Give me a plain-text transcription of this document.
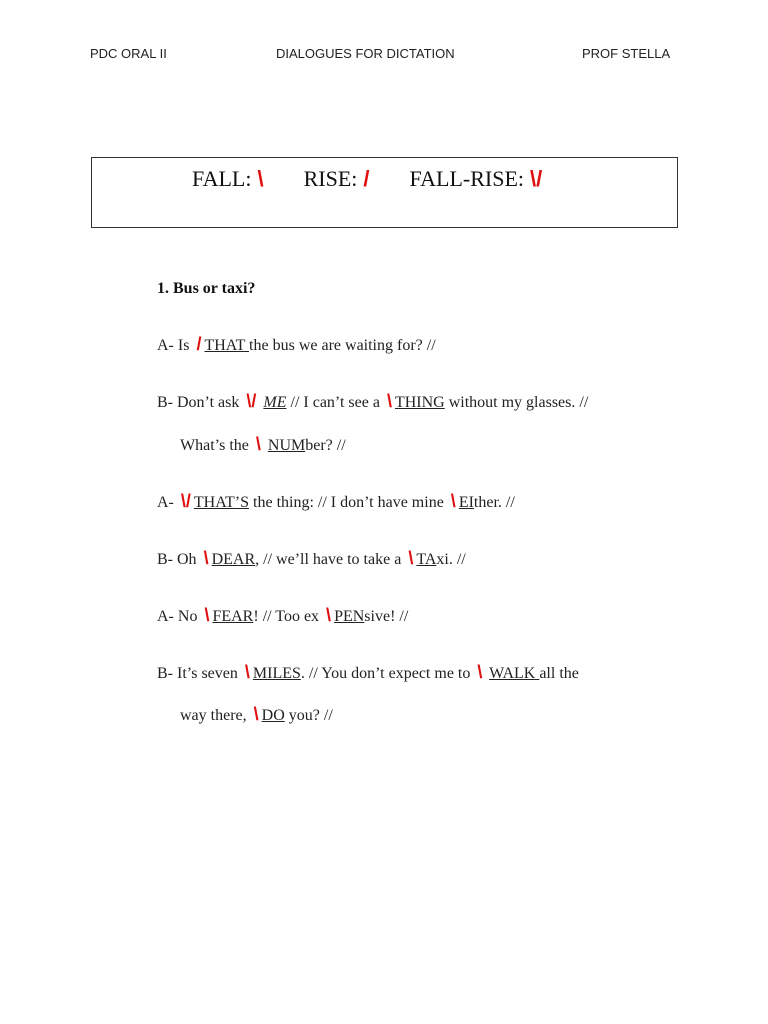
PDC ORAL II	DIALOGUES FOR DICTATION	PROF STELLA
FALL: \ RISE: / FALL-RISE: \/
1. Bus or taxi?
A- Is / THAT the bus we are waiting for? //
B- Don’t ask \/ ME // I can’t see a \ THING without my glasses. //
What’s the \ NUMber? //
A- \/ THAT’S the thing: // I don’t have mine \ EIther. //
B- Oh \ DEAR, // we’ll have to take a \ TAxi. //
A- No \ FEAR! // Too ex \ PENsive! //
B- It’s seven \ MILES. // You don’t expect me to \ WALK all the
way there, \ DO you? //
